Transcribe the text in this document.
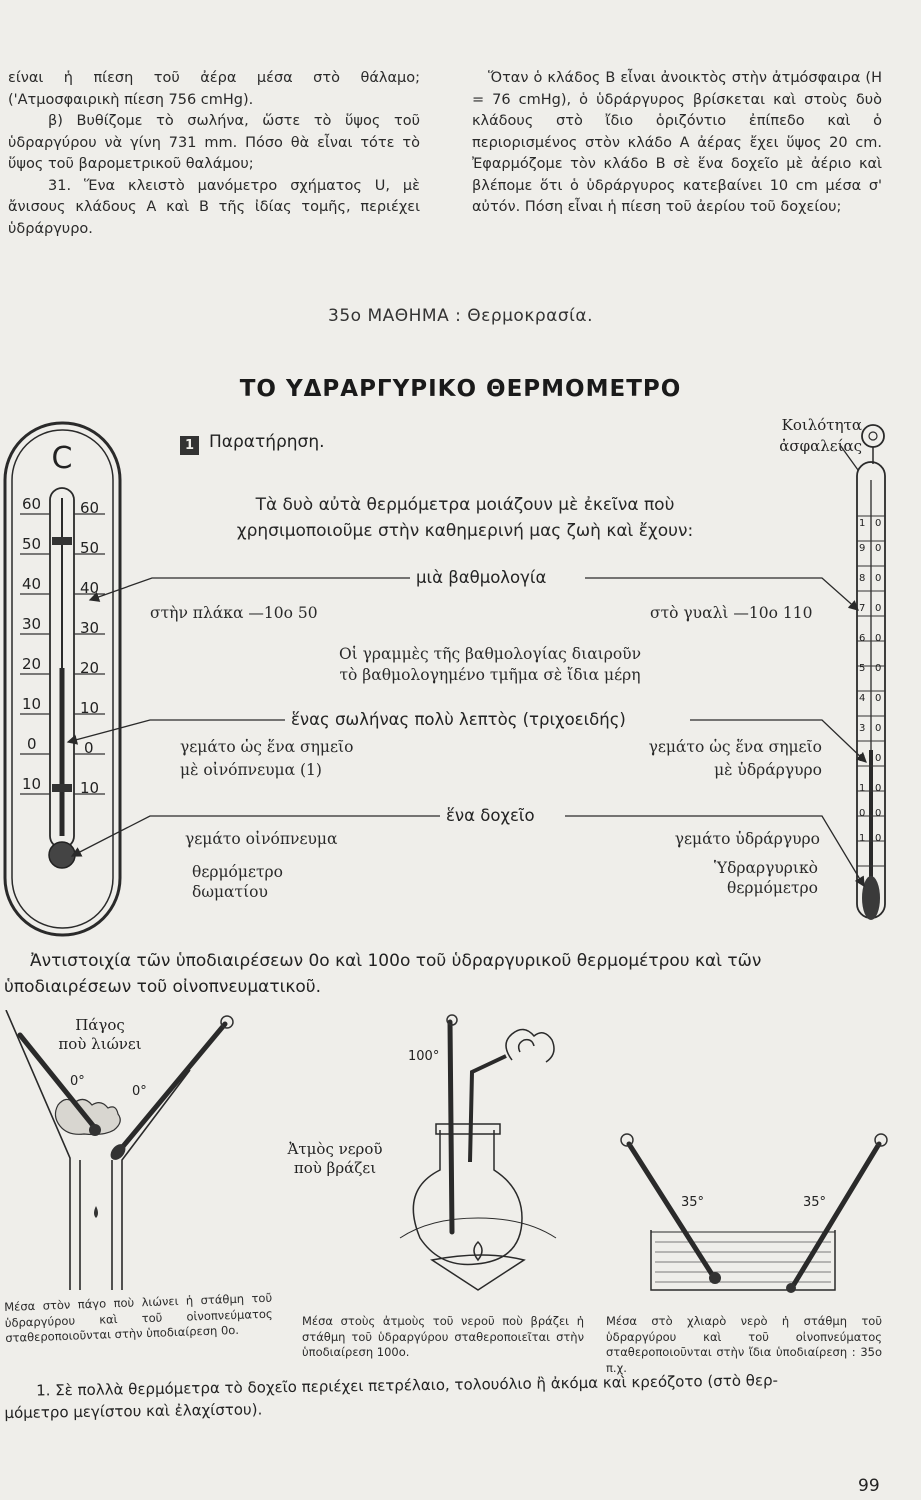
είναι ἡ πίεση τοῦ ἀέρα μέσα στὸ θάλαμο; ('Ατμοσφαιρικὴ πίεση 756 cmHg).
β) Βυθίζομε τὸ σωλήνα, ὥστε τὸ ὕψος τοῦ ὑδραργύρου νὰ γίνη 731 mm. Πόσο θὰ εἶναι τότε τὸ ὕψος τοῦ βαρομετρικοῦ θαλάμου;
31. Ἕνα κλειστὸ μανόμετρο σχήματος U, μὲ ἄνισους κλάδους Α καὶ Β τῆς ἰδίας τομῆς, περιέχει ὑδράργυρο.
Ὅταν ὁ κλάδος Β εἶναι ἀνοικτὸς στὴν ἀτμόσφαιρα (Η = 76 cmHg), ὁ ὑδράργυρος βρίσκεται καὶ στοὺς δυὸ κλάδους στὸ ἴδιο ὁριζόντιο ἐπίπεδο καὶ ὁ περιορισμένος στὸν κλάδο Α ἀέρας ἔχει ὕψος 20 cm. Ἐφαρμόζομε τὸν κλάδο Β σὲ ἕνα δοχεῖο μὲ ἀέριο καὶ βλέπομε ὅτι ὁ ὑδράργυρος κατεβαίνει 10 cm μέσα σ' αὐτόν. Πόση εἶναι ἡ πίεση τοῦ ἀερίου τοῦ δοχείου;
35ο ΜΑΘΗΜΑ : Θερμοκρασία.
ΤΟ ΥΔΡΑΡΓΥΡΙΚΟ ΘΕΡΜΟΜΕΤΡΟ
1 Παρατήρηση.
Κοιλότητα
ἀσφαλείας
Τὰ δυὸ αὐτὰ θερμόμετρα μοιάζουν μὲ ἐκεῖνα ποὺ
χρησιμοποιοῦμε στὴν καθημερινή μας ζωὴ καὶ ἔχουν:
C
60	60
50	50
40	40
30	30
20	20
10	10
0	0
10	10
1 0
9 0
8 0
7 0
6 0
5 0
4 0
3 0
2 0
1 0
0 0
1 0
μιὰ βαθμολογία
στὴν πλάκα —10ο 50	στὸ γυαλὶ —10ο 110
Οἱ γραμμὲς τῆς βαθμολογίας διαιροῦν
τὸ βαθμολογημένο τμῆμα σὲ ἴδια μέρη
ἕνας σωλήνας πολὺ λεπτὸς (τριχοειδής)
γεμάτο ὡς ἕνα σημεῖο
μὲ οἰνόπνευμα (1)
γεμάτο ὡς ἕνα σημεῖο
μὲ ὑδράργυρο
ἕνα δοχεῖο
γεμάτο οἰνόπνευμα	γεμάτο ὑδράργυρο
θερμόμετρο
δωματίου
Ὑδραργυρικὸ
θερμόμετρο
Ἀντιστοιχία τῶν ὑποδιαιρέσεων 0ο καὶ 100ο τοῦ ὑδραργυρικοῦ θερμομέτρου καὶ τῶν
ὑποδιαιρέσεων τοῦ οἰνοπνευματικοῦ.
0°
0°
Πάγος
ποὺ λιώνει
100°
Ἀτμὸς νεροῦ
ποὺ βράζει
35°	35°
Μέσα στὸν πάγο ποὺ λιώνει ἡ στάθμη τοῦ ὑδραργύρου καὶ τοῦ οἰνοπνεύματος σταθεροποιοῦνται στὴν ὑποδιαίρεση 0ο.
Μέσα στοὺς ἀτμοὺς τοῦ νεροῦ ποὺ βράζει ἡ στάθμη τοῦ ὑδραργύρου σταθεροποιεῖται στὴν ὑποδιαίρεση 100ο.
Μέσα στὸ χλιαρὸ νερὸ ἡ στάθμη τοῦ ὑδραργύρου καὶ τοῦ οἰνοπνεύματος σταθεροποιοῦνται στὴν ἴδια ὑποδιαίρεση : 35ο π.χ.
1. Σὲ πολλὰ θερμόμετρα τὸ δοχεῖο περιέχει πετρέλαιο, τολουόλιο ἢ ἀκόμα καὶ κρεόζοτο (στὸ θερ-
μόμετρο μεγίστου καὶ ἐλαχίστου).
99
